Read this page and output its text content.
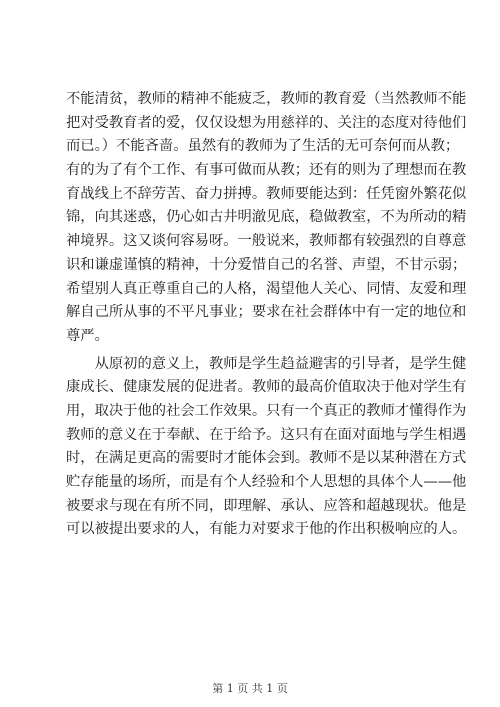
不能清贫，教师的精神不能疲乏，教师的教育爱（当然教师不能
把对受教育者的爱，仅仅设想为用慈祥的、关注的态度对待他们
而已。）不能吝啬。虽然有的教师为了生活的无可奈何而从教；
有的为了有个工作、有事可做而从教；还有的则为了理想而在教
育战线上不辞劳苦、奋力拼搏。教师要能达到：任凭窗外繁花似
锦，向其迷惑，仍心如古井明澈见底，稳做教室，不为所动的精
神境界。这又谈何容易呀。一般说来，教师都有较强烈的自尊意
识和谦虚谨慎的精神，十分爱惜自己的名誉、声望，不甘示弱；
希望别人真正尊重自己的人格，渴望他人关心、同情、友爱和理
解自己所从事的不平凡事业；要求在社会群体中有一定的地位和
尊严。
　　从原初的意义上，教师是学生趋益避害的引导者，是学生健
康成长、健康发展的促进者。教师的最高价值取决于他对学生有
用，取决于他的社会工作效果。只有一个真正的教师才懂得作为
教师的意义在于奉献、在于给予。这只有在面对面地与学生相遇
时，在满足更高的需要时才能体会到。教师不是以某种潜在方式
贮存能量的场所，而是有个人经验和个人思想的具体个人——他
被要求与现在有所不同，即理解、承认、应答和超越现状。他是
可以被提出要求的人，有能力对要求于他的作出积极响应的人。
第 1 页 共 1 页
